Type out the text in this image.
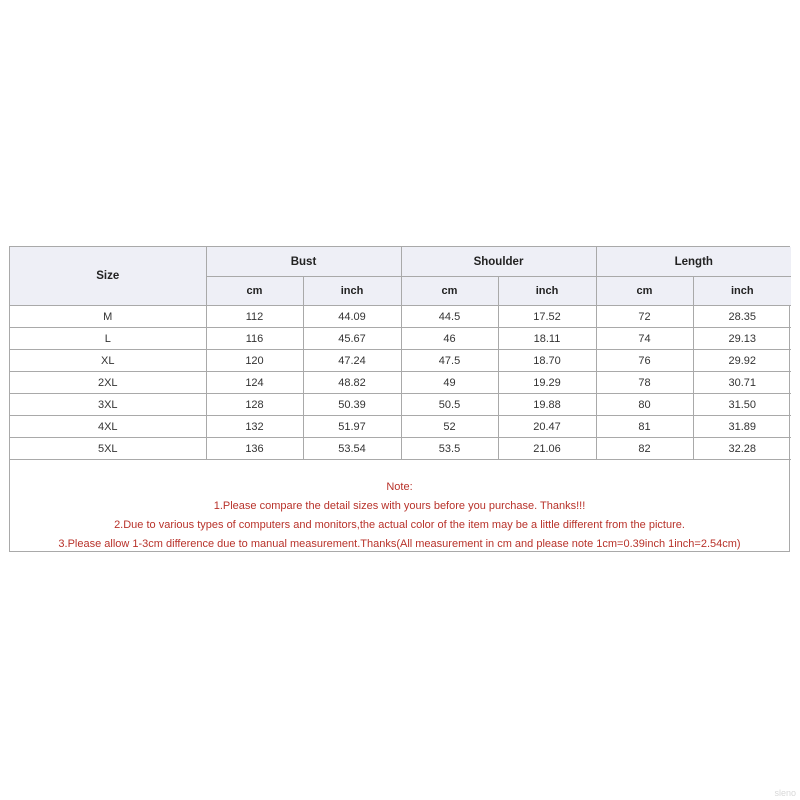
Size	Bust		Shoulder		Length	
	cm	inch	cm	inch	cm	inch
M	112	44.09	44.5	17.52	72	28.35
L	116	45.67	46	18.11	74	29.13
XL	120	47.24	47.5	18.70	76	29.92
2XL	124	48.82	49	19.29	78	30.71
3XL	128	50.39	50.5	19.88	80	31.50
4XL	132	51.97	52	20.47	81	31.89
5XL	136	53.54	53.5	21.06	82	32.28
Note:
1.Please compare the detail sizes with yours before you purchase. Thanks!!!
2.Due to various types of computers and monitors,the actual color of the item may be a little different from the picture.
3.Please allow 1-3cm difference due to manual measurement.Thanks(All measurement in cm and please note 1cm=0.39inch 1inch=2.54cm)
sleno
